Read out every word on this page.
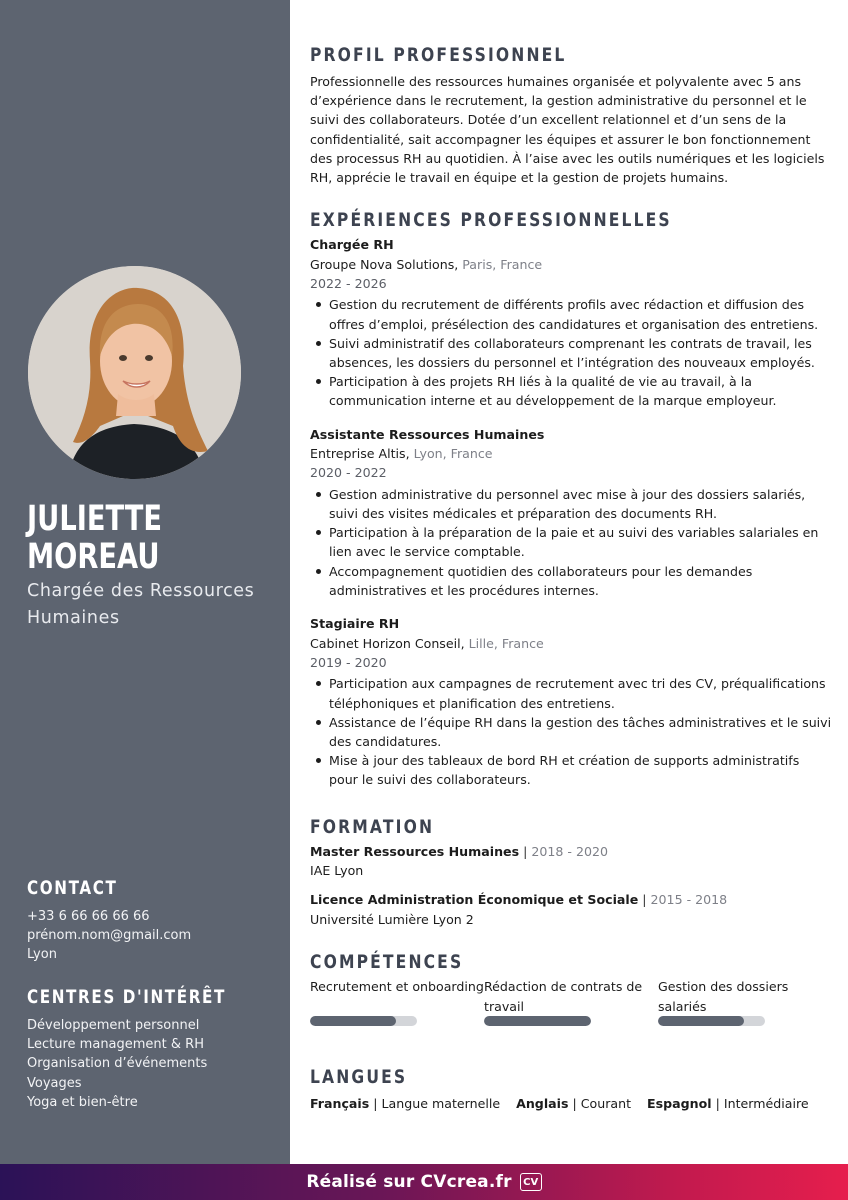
JULIETTE
MOREAU
Chargée des Ressources Humaines
CONTACT
+33 6 66 66 66 66
prénom.nom@gmail.com
Lyon
CENTRES D'INTÉRÊT
Développement personnel
Lecture management & RH
Organisation d’événements
Voyages
Yoga et bien-être
PROFIL PROFESSIONNEL

Professionnelle des ressources humaines organisée et polyvalente avec 5 ans d’expérience dans le recrutement, la gestion administrative du personnel et le suivi des collaborateurs. Dotée d’un excellent relationnel et d’un sens de la confidentialité, sait accompagner les équipes et assurer le bon fonctionnement des processus RH au quotidien. À l’aise avec les outils numériques et les logiciels RH, apprécie le travail en équipe et la gestion de projets humains.

EXPÉRIENCES PROFESSIONNELLES
Chargée RH
Groupe Nova Solutions, Paris, France
2022 - 2026
Gestion du recrutement de différents profils avec rédaction et diffusion des offres d’emploi, présélection des candidatures et organisation des entretiens.
Suivi administratif des collaborateurs comprenant les contrats de travail, les absences, les dossiers du personnel et l’intégration des nouveaux employés.
Participation à des projets RH liés à la qualité de vie au travail, à la communication interne et au développement de la marque employeur.
Assistante Ressources Humaines
Entreprise Altis, Lyon, France
2020 - 2022
Gestion administrative du personnel avec mise à jour des dossiers salariés, suivi des visites médicales et préparation des documents RH.
Participation à la préparation de la paie et au suivi des variables salariales en lien avec le service comptable.
Accompagnement quotidien des collaborateurs pour les demandes administratives et les procédures internes.
Stagiaire RH
Cabinet Horizon Conseil, Lille, France
2019 - 2020
Participation aux campagnes de recrutement avec tri des CV, préqualifications téléphoniques et planification des entretiens.
Assistance de l’équipe RH dans la gestion des tâches administratives et le suivi des candidatures.
Mise à jour des tableaux de bord RH et création de supports administratifs pour le suivi des collaborateurs.
FORMATION
Master Ressources Humaines | 2018 - 2020
IAE Lyon
Licence Administration Économique et Sociale | 2015 - 2018
Université Lumière Lyon 2
COMPÉTENCES
Recrutement et onboarding Rédaction de contrats de travail
Gestion des dossiers salariés
LANGUES
Français | Langue maternelle Anglais | Courant Espagnol | Intermédiaire
Réalisé sur CVcrea.fr	CV
